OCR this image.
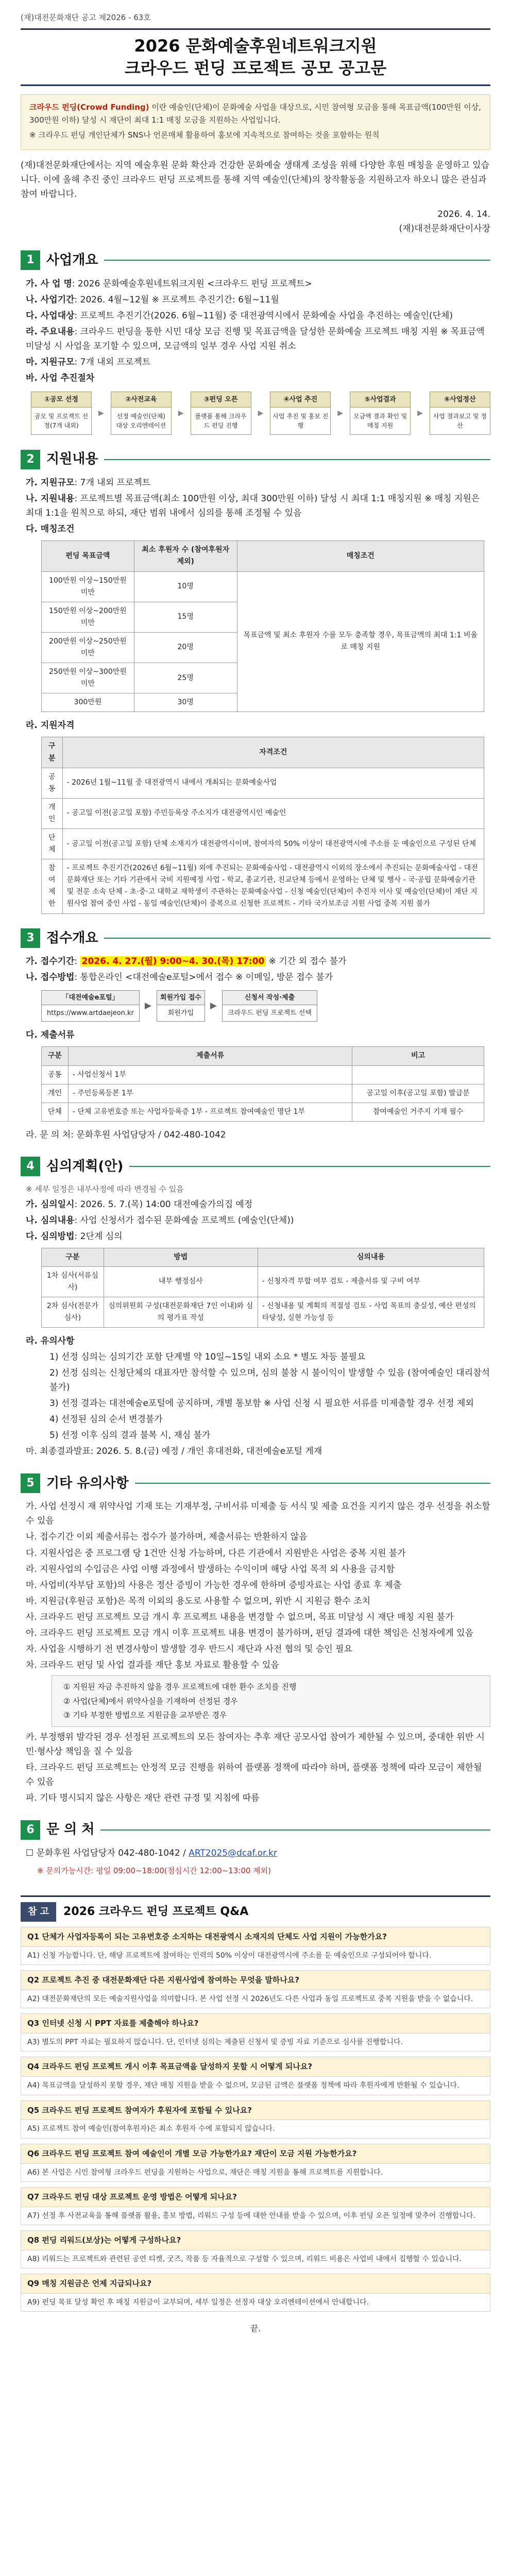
(재)대전문화재단 공고 제2026 - 63호
2026 문화예술후원네트워크지원
크라우드 펀딩 프로젝트 공모 공고문

크라우드 펀딩(Crowd Funding) 이란 예술인(단체)이 문화예술 사업을 대상으로, 시민 참여형 모금을 통해 목표금액(100만원 이상, 300만원 이하) 달성 시 재단이 최대 1:1 매칭 모금을 지원하는 사업입니다.

※ 크라우드 펀딩 개인단체가 SNS나 언론매체 활용하여 홍보에 지속적으로 참여하는 것을 포함하는 원칙

(재)대전문화재단에서는 지역 예술후원 문화 확산과 건강한 문화예술 생태계 조성을 위해 다양한 후원 매칭을 운영하고 있습니다. 이에 올해 추진 중인 크라우드 펀딩 프로젝트를 통해 지역 예술인(단체)의 창작활동을 지원하고자 하오니 많은 관심과 참여 바랍니다.

2026. 4. 14.
(재)대전문화재단이사장
1 사업개요
가. 사 업 명: 2026 문화예술후원네트워크지원 <크라우드 펀딩 프로젝트>
나. 사업기간: 2026. 4월~12월 ※ 프로젝트 추진기간: 6월~11월
다. 사업대상: 프로젝트 추진기간(2026. 6월~11월) 중 대전광역시에서 문화예술 사업을 추진하는 예술인(단체)
라. 주요내용: 크라우드 펀딩을 통한 시민 대상 모금 진행 및 목표금액을 달성한 문화예술 프로젝트 매칭 지원 ※ 목표금액 미달성 시 사업을 포기할 수 있으며, 모금액의 일부 경우 사업 지원 취소
마. 지원규모: 7개 내외 프로젝트
바. 사업 추진절차
①공모 선정
공모 및 프로젝트 선정(7개 내외)
▶
②사전교육
선정 예술인(단체) 대상 오리엔테이션
▶
③펀딩 오픈
플랫폼 통해 크라우드 펀딩 진행
▶
④사업 추진
사업 추진 및 홍보 진행
▶
⑤사업결과
모금액 결과 확인 및 매칭 지원
▶
⑥사업정산
사업 결과보고 및 정산
2 지원내용
가. 지원규모: 7개 내외 프로젝트
나. 지원내용: 프로젝트별 목표금액(최소 100만원 이상, 최대 300만원 이하) 달성 시 최대 1:1 매칭지원 ※ 매칭 지원은 최대 1:1을 원칙으로 하되, 재단 범위 내에서 심의를 통해 조정될 수 있음
다. 매칭조건
펀딩 목표금액	최소 후원자 수 (참여후원자 제외)	매칭조건
100만원 이상~150만원 미만	10명	목표금액 및 최소 후원자 수를 모두 충족할 경우, 목표금액의 최대 1:1 비율로 매칭 지원
150만원 이상~200만원 미만	15명	
200만원 이상~250만원 미만	20명	
250만원 이상~300만원 미만	25명	
300만원	30명	
라. 지원자격
구분	자격조건
공통	- 2026년 1월~11월 중 대전광역시 내에서 개최되는 문화예술사업
개인	- 공고일 이전(공고일 포함) 주민등록상 주소지가 대전광역시인 예술인
단체	- 공고일 이전(공고일 포함) 단체 소재지가 대전광역시이며, 참여자의 50% 이상이 대전광역시에 주소를 둔 예술인으로 구성된 단체
참여제한	- 프로젝트 추진기간(2026년 6월~11월) 외에 추진되는 문화예술사업 - 대전광역시 이외의 장소에서 추진되는 문화예술사업 - 대전문화재단 또는 기타 기관에서 국비 지원예정 사업 - 학교, 종교기관, 친교단체 등에서 운영하는 단체 및 행사 - 국·공립 문화예술기관 및 전문 소속 단체 - 초·중·고 대학교 재학생이 주관하는 문화예술사업 - 신청 예술인(단체)이 추진자 이사 및 예술인(단체)이 재단 지원사업 참여 중인 사업 - 동일 예술인(단체)이 중복으로 신청한 프로젝트 - 기타 국가보조금 지원 사업 중복 지원 불가
3 접수개요
가. 접수기간: 2026. 4. 27.(월) 9:00~4. 30.(목) 17:00 ※ 기간 외 접수 불가
나. 접수방법: 통합온라인 <대전예술e포털>에서 접수 ※ 이메일, 방문 접수 불가
「대전예술e포털」
https://www.artdaejeon.kr
▶
회원가입 접수
회원가입
▶
신청서 작성·제출
크라우드 펀딩 프로젝트 선택
다. 제출서류
구분	제출서류	비고
공통	- 사업신청서 1부	
개인	- 주민등록등본 1부	공고일 이후(공고일 포함) 발급분
단체	- 단체 고유번호증 또는 사업자등록증 1부 - 프로젝트 참여예술인 명단 1부	참여예술인 거주지 기재 필수
라. 문 의 처: 문화후원 사업담당자 / 042-480-1042
4 심의계획(안)
※ 세부 일정은 내부사정에 따라 변경될 수 있음
가. 심의일시: 2026. 5. 7.(목) 14:00 대전예술가의집 예정
나. 심의내용: 사업 신청서가 접수된 문화예술 프로젝트 (예술인(단체))
다. 심의방법: 2단계 심의
구분	방법	심의내용
1차 심사(서류심사)	내부 행정심사	- 신청자격 부합 여부 검토 - 제출서류 및 구비 여부
2차 심사(전문가심사)	심의위원회 구성(대전문화재단 7인 이내)와 심의 평가표 작성	- 신청내용 및 계획의 적절성 검토 - 사업 목표의 충실성, 예산 편성의 타당성, 실현 가능성 등
라. 유의사항
1) 선정 심의는 심의기간 포함 단계별 약 10일~15일 내외 소요 * 별도 차등 불필요
2) 선정 심의는 신청단체의 대표자만 참석할 수 있으며, 심의 불참 시 불이익이 발생할 수 있음 (참여예술인 대리참석 불가)
3) 선정 결과는 대전예술e포털에 공지하며, 개별 통보함 ※ 사업 신청 시 필요한 서류를 미제출할 경우 선정 제외
4) 선정된 심의 순서 변경불가
5) 선정 이후 심의 결과 불복 시, 재심 불가
마. 최종결과발표: 2026. 5. 8.(금) 예정 / 개인 휴대전화, 대전예술e포털 게재
5 기타 유의사항
가. 사업 선정시 재 위약사업 기재 또는 기재부정, 구비서류 미제출 등 서식 및 제출 요건을 지키지 않은 경우 선정을 취소할 수 있음
나. 접수기간 이외 제출서류는 접수가 불가하며, 제출서류는 반환하지 않음
다. 지원사업은 중 프로그램 당 1건만 신청 가능하며, 다른 기관에서 지원받은 사업은 중복 지원 불가
라. 지원사업의 수입금은 사업 이행 과정에서 발생하는 수익이며 해당 사업 목적 외 사용을 금지함
마. 사업비(자부담 포함)의 사용은 정산 증빙이 가능한 경우에 한하며 증빙자료는 사업 종료 후 제출
바. 지원금(후원금 포함)은 목적 이외의 용도로 사용할 수 없으며, 위반 시 지원금 환수 조치
사. 크라우드 펀딩 프로젝트 모금 개시 후 프로젝트 내용을 변경할 수 없으며, 목표 미달성 시 재단 매칭 지원 불가
아. 크라우드 펀딩 프로젝트 모금 개시 이후 프로젝트 내용 변경이 불가하며, 펀딩 결과에 대한 책임은 신청자에게 있음
자. 사업을 시행하기 전 변경사항이 발생할 경우 반드시 재단과 사전 협의 및 승인 필요
차. 크라우드 펀딩 및 사업 결과를 재단 홍보 자료로 활용할 수 있음
① 지원된 자금 추진하지 않을 경우 프로젝트에 대한 환수 조치를 진행
② 사업(단체)에서 위약사실을 기재하여 선정된 경우
③ 기타 부정한 방법으로 지원금을 교부받은 경우
카. 부정행위 발각된 경우 선정된 프로젝트의 모든 참여자는 추후 재단 공모사업 참여가 제한될 수 있으며, 중대한 위반 시 민·형사상 책임을 질 수 있음
타. 크라우드 펀딩 프로젝트는 안정적 모금 진행을 위하여 플랫폼 정책에 따라야 하며, 플랫폼 정책에 따라 모금이 제한될 수 있음
파. 기타 명시되지 않은 사항은 재단 관련 규정 및 지침에 따름
6 문 의 처
☐ 문화후원 사업담당자 042-480-1042 / ART2025@dcaf.or.kr
※ 문의가능시간: 평일 09:00~18:00(점심시간 12:00~13:00 제외)
참 고	2026 크라우드 펀딩 프로젝트 Q&A
Q1 단체가 사업자등록이 되는 고유번호증 소지하는 대전광역시 소재지의 단체도 사업 지원이 가능한가요?
A1) 신청 가능합니다. 단, 해당 프로젝트에 참여하는 인력의 50% 이상이 대전광역시에 주소를 둔 예술인으로 구성되어야 합니다.
Q2 프로젝트 추진 중 대전문화재단 다른 지원사업에 참여하는 무엇을 말하나요?
A2) 대전문화재단의 모든 예술지원사업을 의미합니다. 본 사업 선정 시 2026년도 다른 사업과 동일 프로젝트로 중복 지원을 받을 수 없습니다.
Q3 인터넷 신청 시 PPT 자료를 제출해야 하나요?
A3) 별도의 PPT 자료는 필요하지 않습니다. 단, 인터넷 심의는 제출된 신청서 및 증빙 자료 기준으로 심사를 진행합니다.
Q4 크라우드 펀딩 프로젝트 개시 이후 목표금액을 달성하지 못할 시 어떻게 되나요?
A4) 목표금액을 달성하지 못할 경우, 재단 매칭 지원을 받을 수 없으며, 모금된 금액은 플랫폼 정책에 따라 후원자에게 반환될 수 있습니다.
Q5 크라우드 펀딩 프로젝트 참여자가 후원자에 포함될 수 있나요?
A5) 프로젝트 참여 예술인(참여후원자)은 최소 후원자 수에 포함되지 않습니다.
Q6 크라우드 펀딩 프로젝트 참여 예술인이 개별 모금 가능한가요? 재단이 모금 지원 가능한가요?
A6) 본 사업은 시민 참여형 크라우드 펀딩을 지원하는 사업으로, 재단은 매칭 지원을 통해 프로젝트를 지원합니다.
Q7 크라우드 펀딩 대상 프로젝트 운영 방법은 어떻게 되나요?
A7) 선정 후 사전교육을 통해 플랫폼 활용, 홍보 방법, 리워드 구성 등에 대한 안내를 받을 수 있으며, 이후 펀딩 오픈 일정에 맞추어 진행합니다.
Q8 펀딩 리워드(보상)는 어떻게 구성하나요?
A8) 리워드는 프로젝트와 관련된 공연 티켓, 굿즈, 작품 등 자율적으로 구성할 수 있으며, 리워드 비용은 사업비 내에서 집행할 수 있습니다.
Q9 매칭 지원금은 언제 지급되나요?
A9) 펀딩 목표 달성 확인 후 매칭 지원금이 교부되며, 세부 일정은 선정자 대상 오리엔테이션에서 안내합니다.
끝.
